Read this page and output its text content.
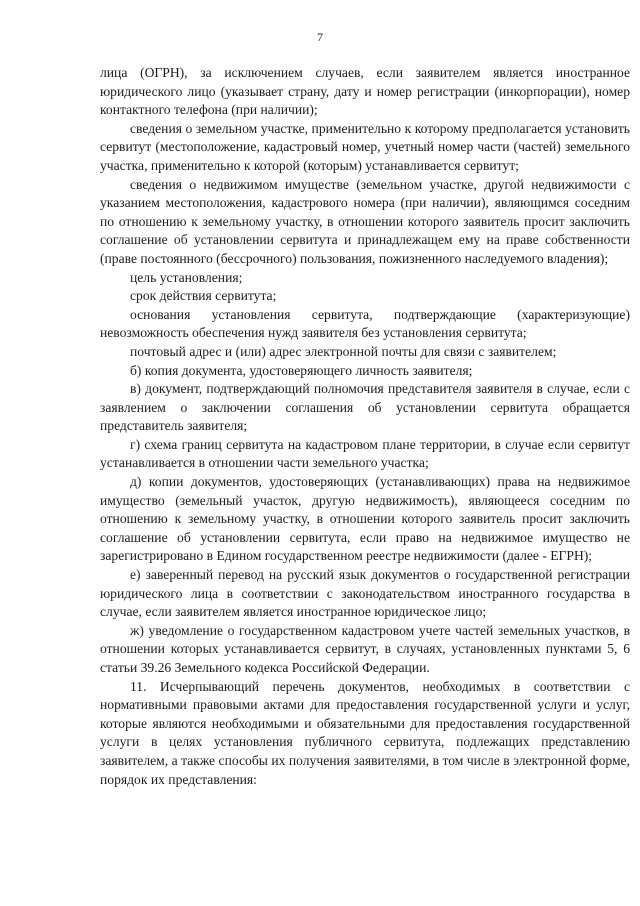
7

лица (ОГРН), за исключением случаев, если заявителем является иностранное юридического лицо (указывает страну, дату и номер регистрации (инкорпорации), номер контактного телефона (при наличии);

сведения о земельном участке, применительно к которому предполагается установить сервитут (местоположение, кадастровый номер, учетный номер части (частей) земельного участка, применительно к которой (которым) устанавливается сервитут;

сведения о недвижимом имуществе (земельном участке, другой недвижимости с указанием местоположения, кадастрового номера (при наличии), являющимся соседним по отношению к земельному участку, в отношении которого заявитель просит заключить соглашение об установлении сервитута и принадлежащем ему на праве собственности (праве постоянного (бессрочного) пользования, пожизненного наследуемого владения);

цель установления;

срок действия сервитута;

основания установления сервитута, подтверждающие (характеризующие) невозможность обеспечения нужд заявителя без установления сервитута;

почтовый адрес и (или) адрес электронной почты для связи с заявителем;

б) копия документа, удостоверяющего личность заявителя;

в) документ, подтверждающий полномочия представителя заявителя в случае, если с заявлением о заключении соглашения об установлении сервитута обращается представитель заявителя;

г) схема границ сервитута на кадастровом плане территории, в случае если сервитут устанавливается в отношении части земельного участка;

д) копии документов, удостоверяющих (устанавливающих) права на недвижимое имущество (земельный участок, другую недвижимость), являющееся соседним по отношению к земельному участку, в отношении которого заявитель просит заключить соглашение об установлении сервитута, если право на недвижимое имущество не зарегистрировано в Едином государственном реестре недвижимости (далее - ЕГРН);

е) заверенный перевод на русский язык документов о государственной регистрации юридического лица в соответствии с законодательством иностранного государства в случае, если заявителем является иностранное юридическое лицо;

ж) уведомление о государственном кадастровом учете частей земельных участков, в отношении которых устанавливается сервитут, в случаях, установленных пунктами 5, 6 статьи 39.26 Земельного кодекса Российской Федерации.

11. Исчерпывающий перечень документов, необходимых в соответствии с нормативными правовыми актами для предоставления государственной услуги и услуг, которые являются необходимыми и обязательными для предоставления государственной услуги в целях установления публичного сервитута, подлежащих представлению заявителем, а также способы их получения заявителями, в том числе в электронной форме, порядок их представления:
